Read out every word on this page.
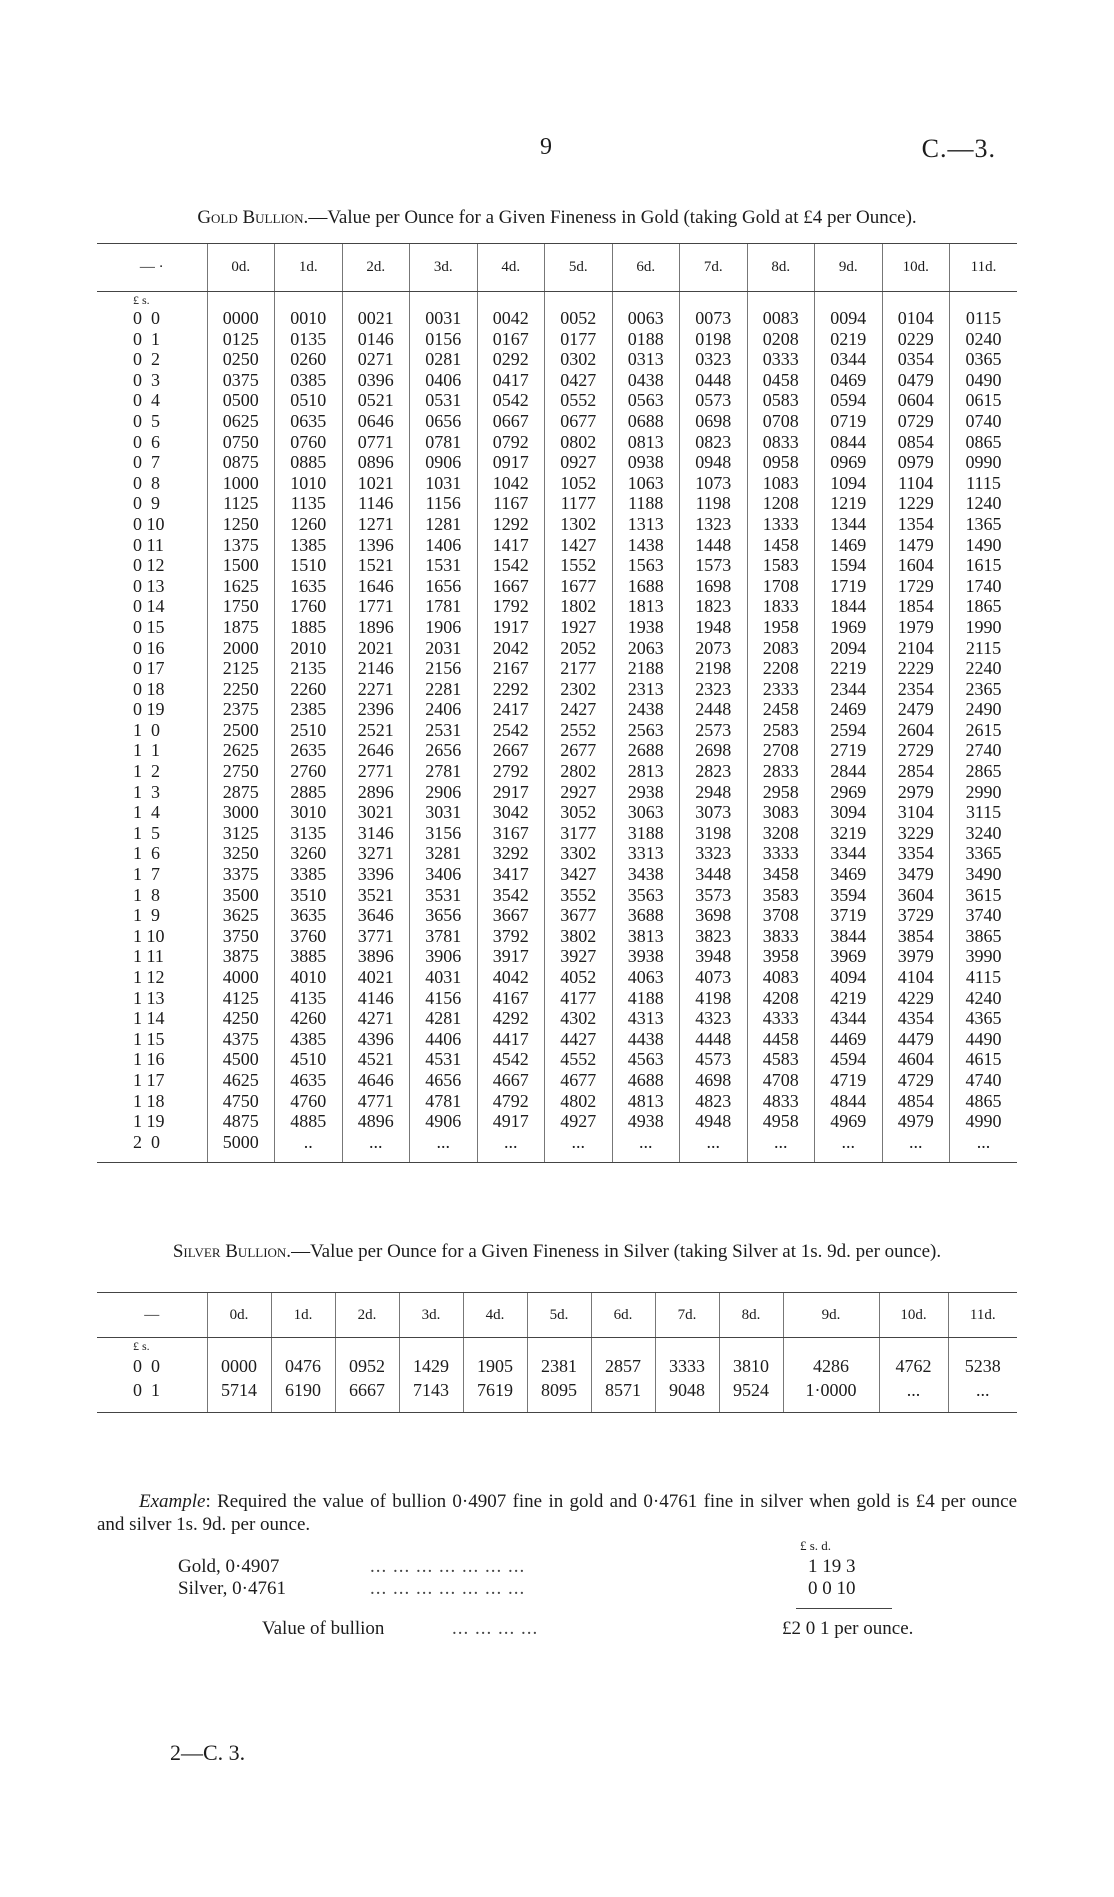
9	C.—3.
Gold Bullion.—Value per Ounce for a Given Fineness in Gold (taking Gold at £4 per Ounce).
— ·	0d.	1d.	2d.	3d.	4d.	5d.	6d.	7d.	8d.	9d.	10d.	11d.
£ s.												
0  0	0000	0010	0021	0031	0042	0052	0063	0073	0083	0094	0104	0115
0  1	0125	0135	0146	0156	0167	0177	0188	0198	0208	0219	0229	0240
0  2	0250	0260	0271	0281	0292	0302	0313	0323	0333	0344	0354	0365
0  3	0375	0385	0396	0406	0417	0427	0438	0448	0458	0469	0479	0490
0  4	0500	0510	0521	0531	0542	0552	0563	0573	0583	0594	0604	0615
0  5	0625	0635	0646	0656	0667	0677	0688	0698	0708	0719	0729	0740
0  6	0750	0760	0771	0781	0792	0802	0813	0823	0833	0844	0854	0865
0  7	0875	0885	0896	0906	0917	0927	0938	0948	0958	0969	0979	0990
0  8	1000	1010	1021	1031	1042	1052	1063	1073	1083	1094	1104	1115
0  9	1125	1135	1146	1156	1167	1177	1188	1198	1208	1219	1229	1240
0 10	1250	1260	1271	1281	1292	1302	1313	1323	1333	1344	1354	1365
0 11	1375	1385	1396	1406	1417	1427	1438	1448	1458	1469	1479	1490
0 12	1500	1510	1521	1531	1542	1552	1563	1573	1583	1594	1604	1615
0 13	1625	1635	1646	1656	1667	1677	1688	1698	1708	1719	1729	1740
0 14	1750	1760	1771	1781	1792	1802	1813	1823	1833	1844	1854	1865
0 15	1875	1885	1896	1906	1917	1927	1938	1948	1958	1969	1979	1990
0 16	2000	2010	2021	2031	2042	2052	2063	2073	2083	2094	2104	2115
0 17	2125	2135	2146	2156	2167	2177	2188	2198	2208	2219	2229	2240
0 18	2250	2260	2271	2281	2292	2302	2313	2323	2333	2344	2354	2365
0 19	2375	2385	2396	2406	2417	2427	2438	2448	2458	2469	2479	2490
1  0	2500	2510	2521	2531	2542	2552	2563	2573	2583	2594	2604	2615
1  1	2625	2635	2646	2656	2667	2677	2688	2698	2708	2719	2729	2740
1  2	2750	2760	2771	2781	2792	2802	2813	2823	2833	2844	2854	2865
1  3	2875	2885	2896	2906	2917	2927	2938	2948	2958	2969	2979	2990
1  4	3000	3010	3021	3031	3042	3052	3063	3073	3083	3094	3104	3115
1  5	3125	3135	3146	3156	3167	3177	3188	3198	3208	3219	3229	3240
1  6	3250	3260	3271	3281	3292	3302	3313	3323	3333	3344	3354	3365
1  7	3375	3385	3396	3406	3417	3427	3438	3448	3458	3469	3479	3490
1  8	3500	3510	3521	3531	3542	3552	3563	3573	3583	3594	3604	3615
1  9	3625	3635	3646	3656	3667	3677	3688	3698	3708	3719	3729	3740
1 10	3750	3760	3771	3781	3792	3802	3813	3823	3833	3844	3854	3865
1 11	3875	3885	3896	3906	3917	3927	3938	3948	3958	3969	3979	3990
1 12	4000	4010	4021	4031	4042	4052	4063	4073	4083	4094	4104	4115
1 13	4125	4135	4146	4156	4167	4177	4188	4198	4208	4219	4229	4240
1 14	4250	4260	4271	4281	4292	4302	4313	4323	4333	4344	4354	4365
1 15	4375	4385	4396	4406	4417	4427	4438	4448	4458	4469	4479	4490
1 16	4500	4510	4521	4531	4542	4552	4563	4573	4583	4594	4604	4615
1 17	4625	4635	4646	4656	4667	4677	4688	4698	4708	4719	4729	4740
1 18	4750	4760	4771	4781	4792	4802	4813	4823	4833	4844	4854	4865
1 19	4875	4885	4896	4906	4917	4927	4938	4948	4958	4969	4979	4990
2  0	5000	..	...	...	...	...	...	...	...	...	...	...
Silver Bullion.—Value per Ounce for a Given Fineness in Silver (taking Silver at 1s. 9d. per ounce).
—	0d.	1d.	2d.	3d.	4d.	5d.	6d.	7d.	8d.	9d.	10d.	11d.
£ s.												
0  0	0000	0476	0952	1429	1905	2381	2857	3333	3810	4286	4762	5238
0  1	5714	6190	6667	7143	7619	8095	8571	9048	9524	1·0000	...	...
Example: Required the value of bullion 0·4907 fine in gold and 0·4761 fine in silver when gold is £4 per ounce and silver 1s. 9d. per ounce.
£ s. d.
Gold, 0·4907	... ... ... ... ... ... ...	1 19 3
Silver, 0·4761	... ... ... ... ... ... ...	0 0 10
Value of bullion	... ... ... ...	£2 0 1 per ounce.
2—C. 3.
